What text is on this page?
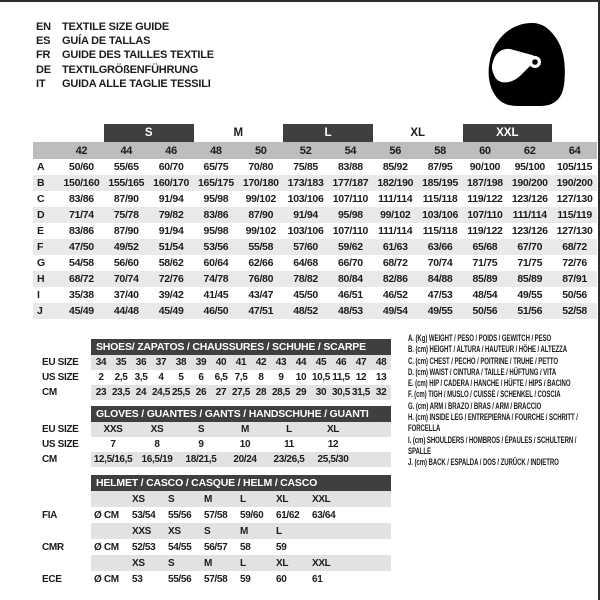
EN	TEXTILE SIZE GUIDE
ES	GUÍA DE TALLAS
FR	GUIDE DES TAILLES TEXTILE
DE	TEXTILGRÖßENFÜHRUNG
IT	GUIDA ALLE TAGLIE TESSILI
		S		M		L		XL		XXL		
	42	44	46	48	50	52	54	56	58	60	62	64
A	50/60	55/65	60/70	65/75	70/80	75/85	83/88	85/92	87/95	90/100	95/100	105/115
B	150/160	155/165	160/170	165/175	170/180	173/183	177/187	182/190	185/195	187/198	190/200	190/200
C	83/86	87/90	91/94	95/98	99/102	103/106	107/110	111/114	115/118	119/122	123/126	127/130
D	71/74	75/78	79/82	83/86	87/90	91/94	95/98	99/102	103/106	107/110	111/114	115/119
E	83/86	87/90	91/94	95/98	99/102	103/106	107/110	111/114	115/118	119/122	123/126	127/130
F	47/50	49/52	51/54	53/56	55/58	57/60	59/62	61/63	63/66	65/68	67/70	68/72
G	54/58	56/60	58/62	60/64	62/66	64/68	66/70	68/72	70/74	71/75	71/75	72/76
H	68/72	70/74	72/76	74/78	76/80	78/82	80/84	82/86	84/88	85/89	85/89	87/91
I	35/38	37/40	39/42	41/45	43/47	45/50	46/51	46/52	47/53	48/54	49/55	50/56
J	45/49	44/48	45/49	46/50	47/51	48/52	48/53	49/54	49/55	50/56	51/56	52/58
	SHOES/ ZAPATOS / CHAUSSURES / SCHUHE / SCARPE														
EU SIZE	34	35	36	37	38	39	40	41	42	43	44	45	46	47	48
US SIZE	2	2,5	3,5	4	5	6	6,5	7,5	8	9	10	10,5	11,5	12	13
CM	23	23,5	24	24,5	25,5	26	27	27,5	28	28,5	29	30	30,5	31,5	32
	GLOVES / GUANTES / GANTS / HANDSCHUHE / GUANTI						
EU SIZE	XXS	XS	S	M	L	XL	
US SIZE	7	8	9	10	11	12	
CM	12,5/16,5	16,5/19	18/21,5	20/24	23/26,5	25,5/30	
	HELMET / CASCO / CASQUE / HELM / CASCO							
		XS	S	M	L	XL	XXL	
FIA	Ø CM	53/54	55/56	57/58	59/60	61/62	63/64	
		XXS	XS	S	M	L		
CMR	Ø CM	52/53	54/55	56/57	58	59		
		XS	S	M	L	XL	XXL	
ECE	Ø CM	53	55/56	57/58	59	60	61	
A. (Kg) WEIGHT / PESO / POIDS / GEWITCH / PESO
B. (cm) HEIGHT / ALTURA / HAUTEUR / HÖHE / ALTEZZA
C. (cm) CHEST / PECHO / POITRINE / TRUHE / PETTO
D. (cm) WAIST / CINTURA / TAILLE / HÜFTUNG / VITA
E. (cm) HIP / CADERA / HANCHE / HÜFTE / HIPS / BACINO
F. (cm) TIGH / MUSLO / CUISSE / SCHENKEL / COSCIA
G. (cm) ARM / BRAZO / BRAS / ARM / BRACCIO
H. (cm) INSIDE LEG / ENTREPIERNA / FOURCHE / SCHRITT / FORCELLA
I. (cm) SHOULDERS / HOMBROS / ÉPAULES / SCHULTERN / SPALLE
J. (cm) BACK / ESPALDA / DOS / ZURÜCK / INDIETRO
